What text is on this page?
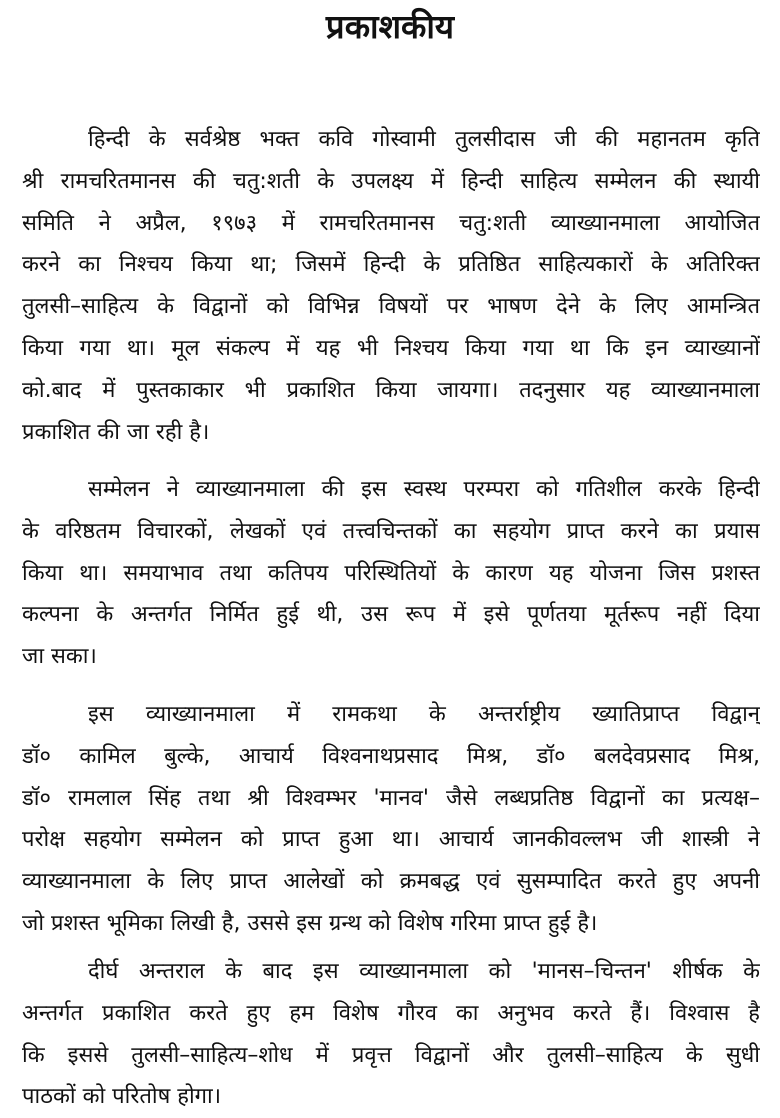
प्रकाशकीय
हिन्दी के सर्वश्रेष्ठ भक्त कवि गोस्वामी तुलसीदास जी की महानतम कृति
श्री रामचरितमानस की चतु:शती के उपलक्ष्य में हिन्दी साहित्य सम्मेलन की स्थायी
समिति ने अप्रैल, १९७३ में रामचरितमानस चतु:शती व्याख्यानमाला आयोजित
करने का निश्चय किया था; जिसमें हिन्दी के प्रतिष्ठित साहित्यकारों के अतिरिक्त
तुलसी–साहित्य के विद्वानों को विभिन्न विषयों पर भाषण देने के लिए आमन्त्रित
किया गया था। मूल संकल्प में यह भी निश्चय किया गया था कि इन व्याख्यानों
को.बाद में पुस्तकाकार भी प्रकाशित किया जायगा। तदनुसार यह व्याख्यानमाला
प्रकाशित की जा रही है।
सम्मेलन ने व्याख्यानमाला की इस स्वस्थ परम्परा को गतिशील करके हिन्दी
के वरिष्ठतम विचारकों, लेखकों एवं तत्त्वचिन्तकों का सहयोग प्राप्त करने का प्रयास
किया था। समयाभाव तथा कतिपय परिस्थितियों के कारण यह योजना जिस प्रशस्त
कल्पना के अन्तर्गत निर्मित हुई थी, उस रूप में इसे पूर्णतया मूर्तरूप नहीं दिया
जा सका।
इस व्याख्यानमाला में रामकथा के अन्तर्राष्ट्रीय ख्यातिप्राप्त विद्वान्
डॉ० कामिल बुल्के, आचार्य विश्वनाथप्रसाद मिश्र, डॉ० बलदेवप्रसाद मिश्र,
डॉ० रामलाल सिंह तथा श्री विश्वम्भर 'मानव' जैसे लब्धप्रतिष्ठ विद्वानों का प्रत्यक्ष–
परोक्ष सहयोग सम्मेलन को प्राप्त हुआ था। आचार्य जानकीवल्लभ जी शास्त्री ने
व्याख्यानमाला के लिए प्राप्त आलेखों को क्रमबद्ध एवं सुसम्पादित करते हुए अपनी
जो प्रशस्त भूमिका लिखी है, उससे इस ग्रन्थ को विशेष गरिमा प्राप्त हुई है।
दीर्घ अन्तराल के बाद इस व्याख्यानमाला को 'मानस–चिन्तन' शीर्षक के
अन्तर्गत प्रकाशित करते हुए हम विशेष गौरव का अनुभव करते हैं। विश्वास है
कि इससे तुलसी–साहित्य–शोध में प्रवृत्त विद्वानों और तुलसी–साहित्य के सुधी
पाठकों को परितोष होगा।
